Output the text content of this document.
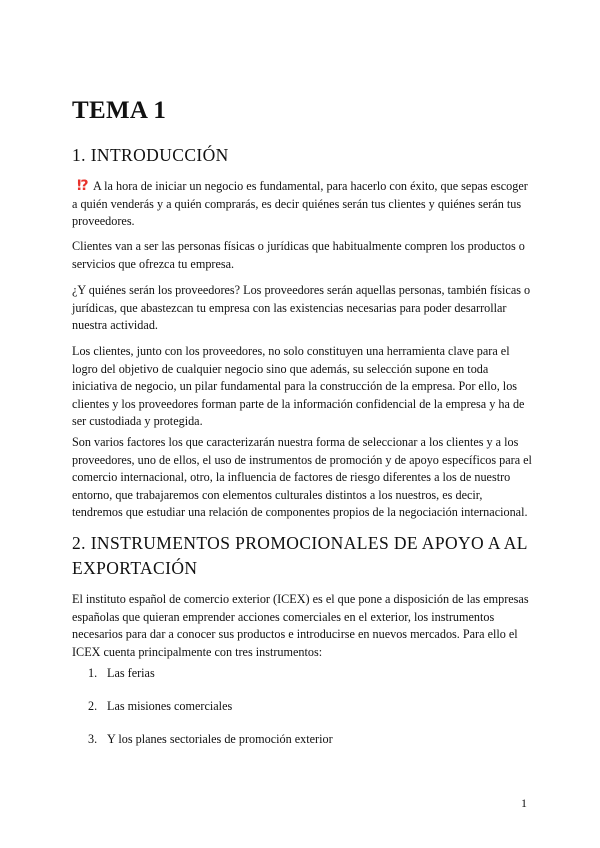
TEMA 1
1. INTRODUCCIÓN

⁉ A la hora de iniciar un negocio es fundamental, para hacerlo con éxito, que sepas escoger a quién venderás y a quién comprarás, es decir quiénes serán tus clientes y quiénes serán tus proveedores.

Clientes van a ser las personas físicas o jurídicas que habitualmente compren los productos o servicios que ofrezca tu empresa.

¿Y quiénes serán los proveedores? Los proveedores serán aquellas personas, también físicas o jurídicas, que abastezcan tu empresa con las existencias necesarias para poder desarrollar nuestra actividad.

Los clientes, junto con los proveedores, no solo constituyen una herramienta clave para el logro del objetivo de cualquier negocio sino que además, su selección supone en toda iniciativa de negocio, un pilar fundamental para la construcción de la empresa. Por ello, los clientes y los proveedores forman parte de la información confidencial de la empresa y ha de ser custodiada y protegida.

Son varios factores los que caracterizarán nuestra forma de seleccionar a los clientes y a los proveedores, uno de ellos, el uso de instrumentos de promoción y de apoyo específicos para el comercio internacional, otro, la influencia de factores de riesgo diferentes a los de nuestro entorno, que trabajaremos con elementos culturales distintos a los nuestros, es decir, tendremos que estudiar una relación de componentes propios de la negociación internacional.

2. INSTRUMENTOS PROMOCIONALES DE APOYO A AL EXPORTACIÓN

El instituto español de comercio exterior (ICEX) es el que pone a disposición de las empresas españolas que quieran emprender acciones comerciales en el exterior, los instrumentos necesarios para dar a conocer sus productos e introducirse en nuevos mercados. Para ello el ICEX cuenta principalmente con tres instrumentos:

1. Las ferias
2. Las misiones comerciales
3. Y los planes sectoriales de promoción exterior
1
